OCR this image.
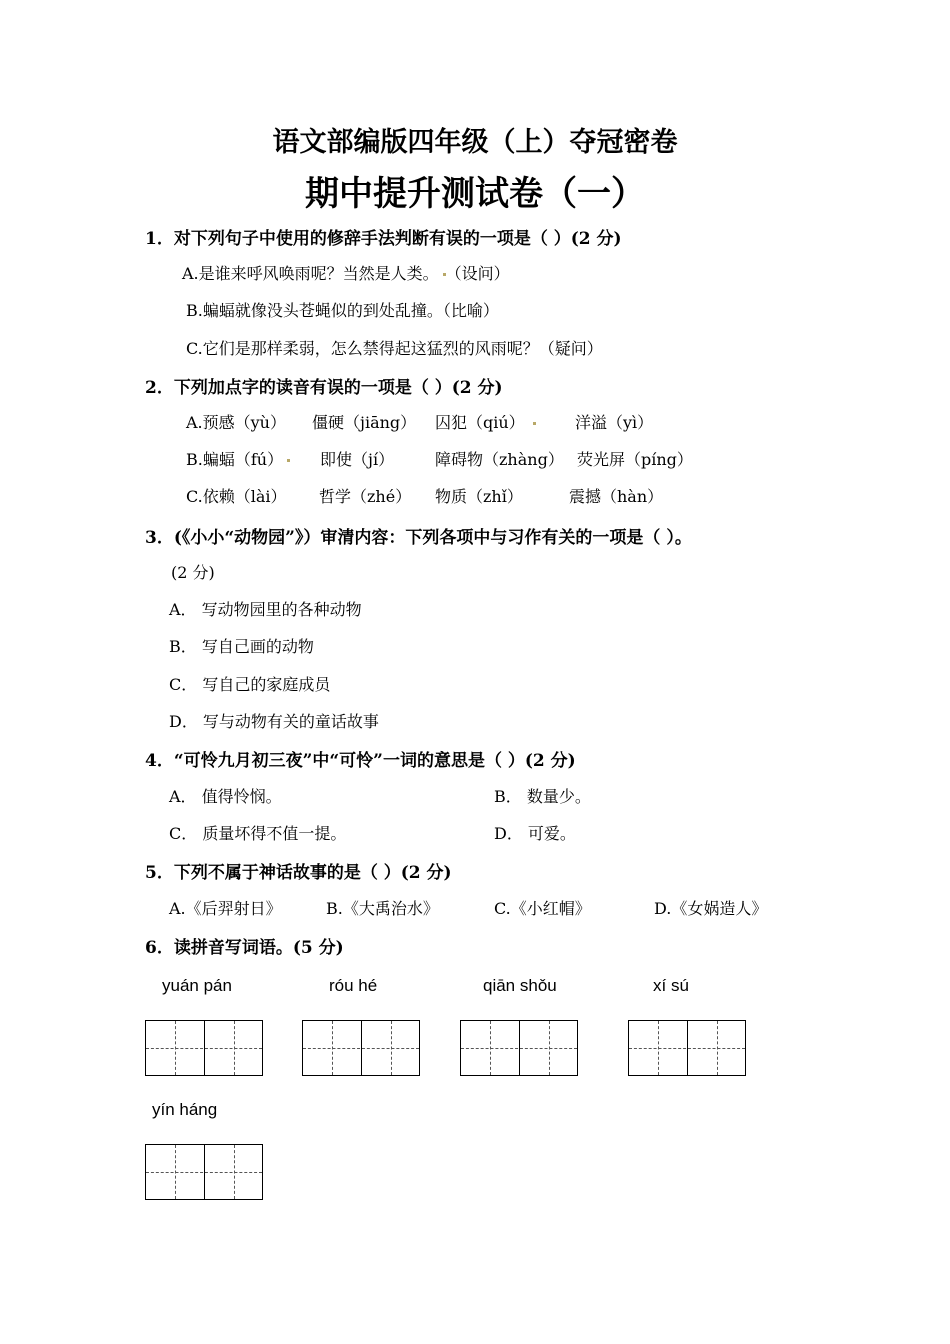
语文部编版四年级（上）夺冠密卷
期中提升测试卷（一）
1．对下列句子中使用的修辞手法判断有误的一项是（ ）(2 分)
A.是谁来呼风唤雨呢？当然是人类。 （设问）
B.蝙蝠就像没头苍蝇似的到处乱撞。（比喻）
C.它们是那样柔弱，怎么禁得起这猛烈的风雨呢？（疑问）
2．下列加点字的读音有误的一项是（ ）(2 分)
A.预感（yù） 僵硬（jiāng） 囚犯（qiú）	洋溢（yì）
B.蝙蝠（fú）	即使（jí）	障碍物（zhàng） 荧光屏（píng）
C.依赖（lài） 哲学（zhé） 物质（zhǐ）	震撼（hàn）
3．(《小小“动物园”》）审清内容：下列各项中与习作有关的一项是（ ）。
(2 分)
A． 写动物园里的各种动物
B． 写自己画的动物
C． 写自己的家庭成员
D． 写与动物有关的童话故事
4．“可怜九月初三夜”中“可怜”一词的意思是（ ）(2 分)
A． 值得怜悯。	B． 数量少。
C． 质量坏得不值一提。	D． 可爱。
5．下列不属于神话故事的是（ ）(2 分)
A.《后羿射日》	B.《大禹治水》	C.《小红帽》	D.《女娲造人》
6．读拼音写词语。(5 分)
yuán pán	róu hé	qiān shǒu	xí sú
yín háng
